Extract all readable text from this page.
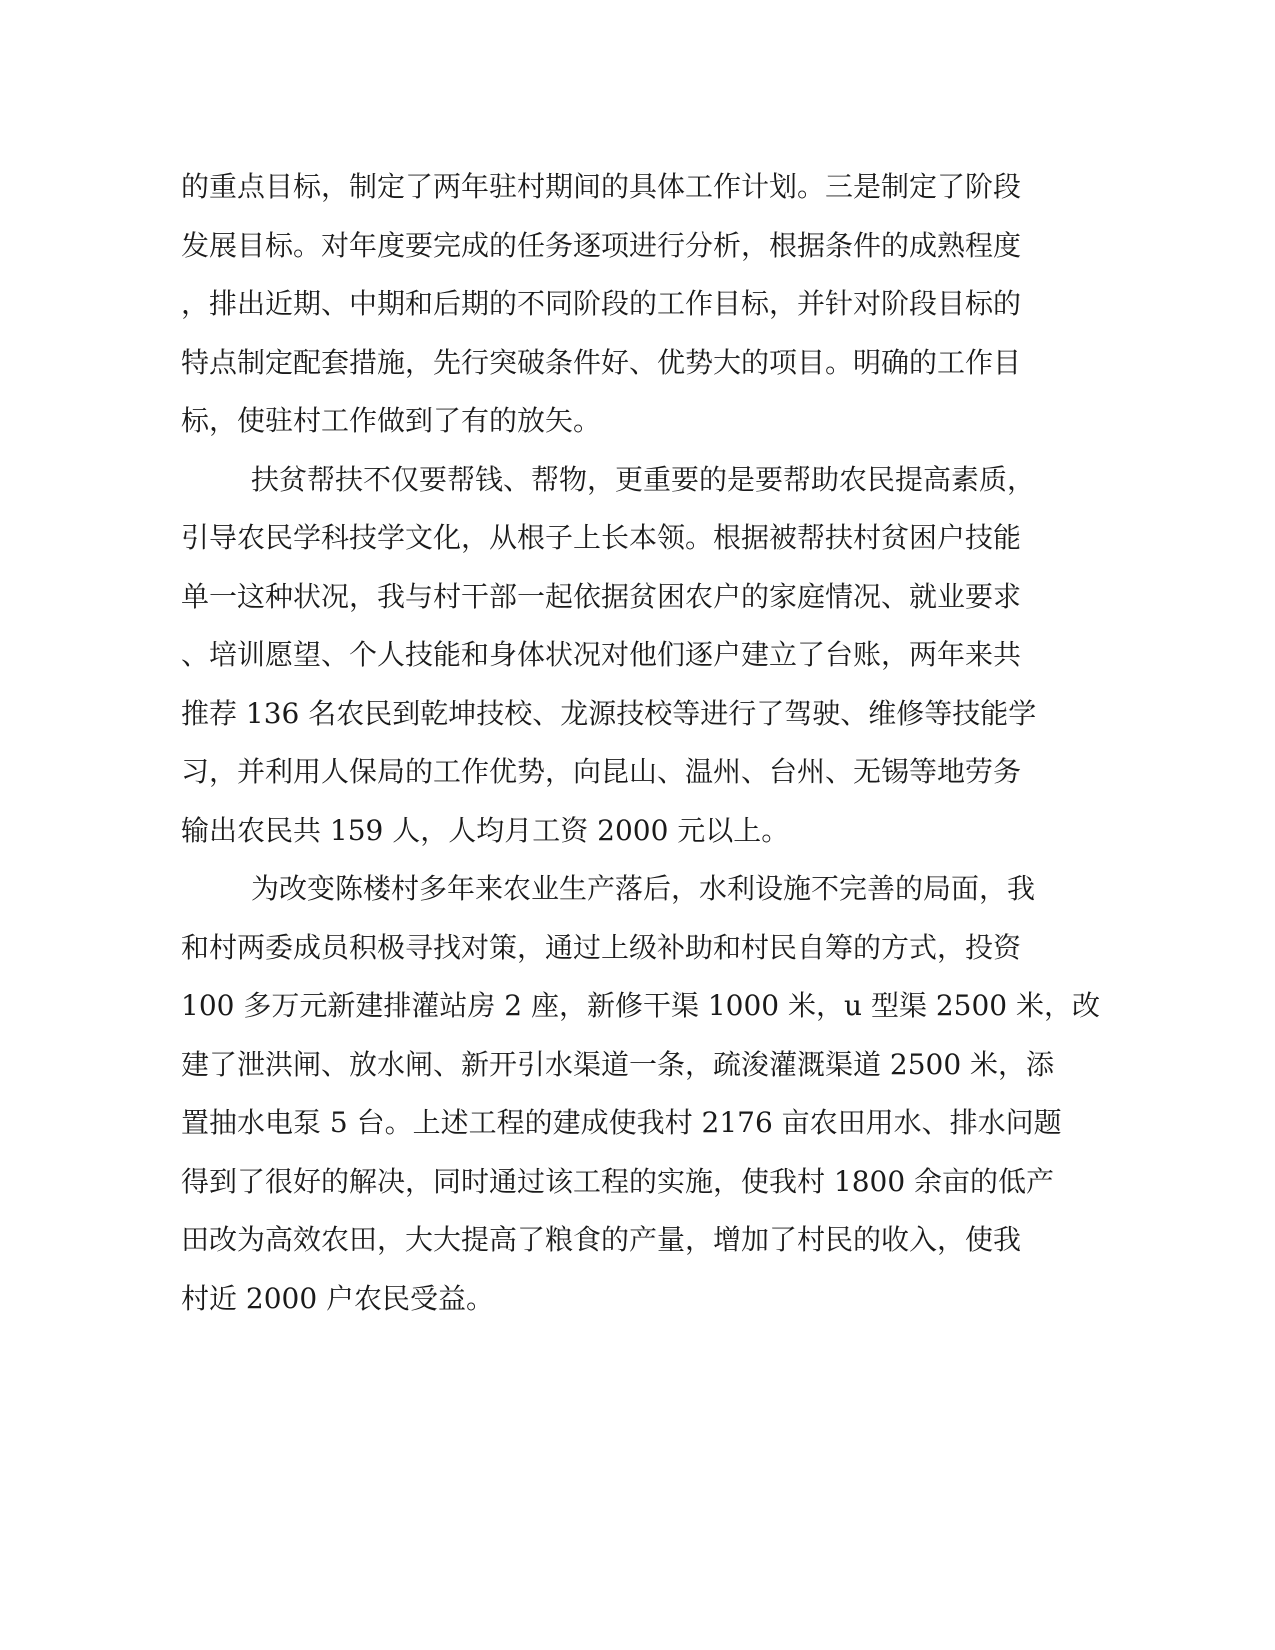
的重点目标，制定了两年驻村期间的具体工作计划。三是制定了阶段
发展目标。对年度要完成的任务逐项进行分析，根据条件的成熟程度
，排出近期、中期和后期的不同阶段的工作目标，并针对阶段目标的
特点制定配套措施，先行突破条件好、优势大的项目。明确的工作目
标，使驻村工作做到了有的放矢。
扶贫帮扶不仅要帮钱、帮物，更重要的是要帮助农民提高素质，
引导农民学科技学文化，从根子上长本领。根据被帮扶村贫困户技能
单一这种状况，我与村干部一起依据贫困农户的家庭情况、就业要求
、培训愿望、个人技能和身体状况对他们逐户建立了台账，两年来共
推荐 136 名农民到乾坤技校、龙源技校等进行了驾驶、维修等技能学
习，并利用人保局的工作优势，向昆山、温州、台州、无锡等地劳务
输出农民共 159 人，人均月工资 2000 元以上。
为改变陈楼村多年来农业生产落后，水利设施不完善的局面，我
和村两委成员积极寻找对策，通过上级补助和村民自筹的方式，投资
100 多万元新建排灌站房 2 座，新修干渠 1000 米，u 型渠 2500 米，改
建了泄洪闸、放水闸、新开引水渠道一条，疏浚灌溉渠道 2500 米，添
置抽水电泵 5 台。上述工程的建成使我村 2176 亩农田用水、排水问题
得到了很好的解决，同时通过该工程的实施，使我村 1800 余亩的低产
田改为高效农田，大大提高了粮食的产量，增加了村民的收入，使我
村近 2000 户农民受益。
